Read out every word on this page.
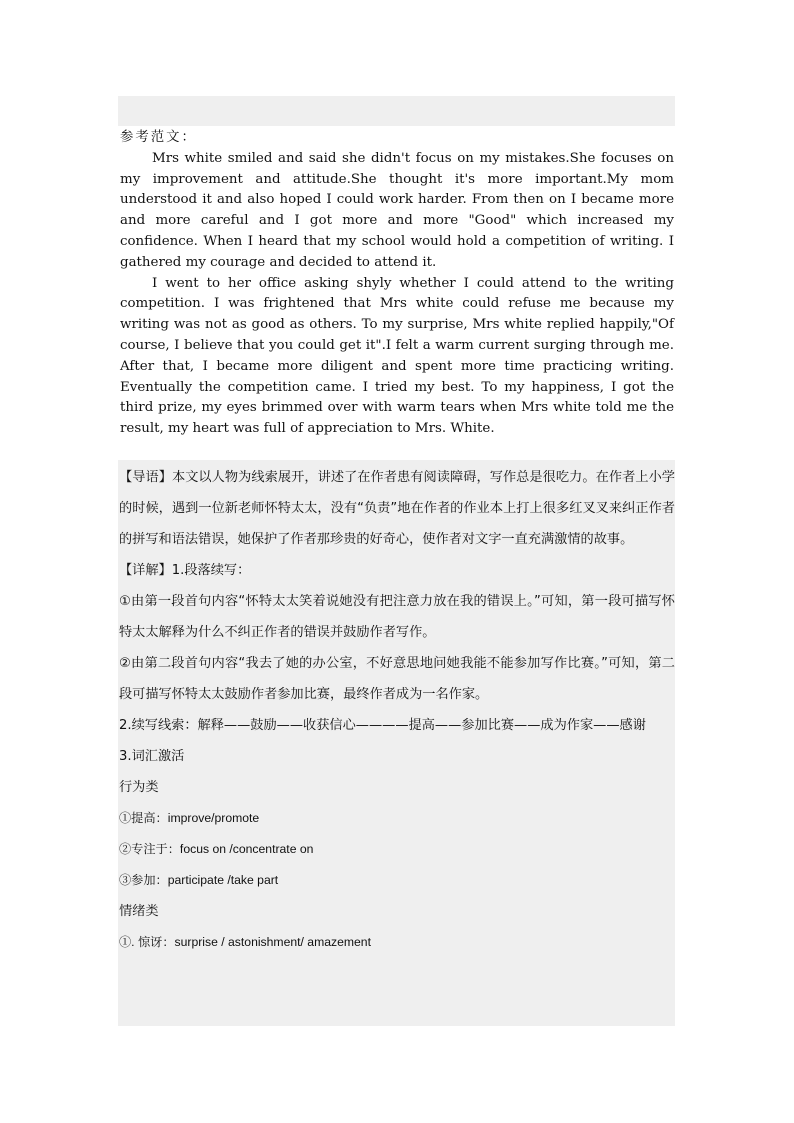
参考范文：

Mrs white smiled and said she didn't focus on my mistakes.She focuses on my improvement and attitude.She thought it's more important.My mom understood it and also hoped I could work harder. From then on I became more and more careful and I got more and more "Good" which increased my confidence. When I heard that my school would hold a competition of writing. I gathered my courage and decided to attend it.

I went to her office asking shyly whether I could attend to the writing competition. I was frightened that Mrs white could refuse me because my writing was not as good as others. To my surprise, Mrs white replied happily,"Of course, I believe that you could get it".I felt a warm current surging through me. After that, I became more diligent and spent more time practicing writing. Eventually the competition came. I tried my best. To my happiness, I got the third prize, my eyes brimmed over with warm tears when Mrs white told me the result, my heart was full of appreciation to Mrs. White.

【导语】本文以人物为线索展开，讲述了在作者患有阅读障碍，写作总是很吃力。在作者上小学的时候，遇到一位新老师怀特太太，没有“负责”地在作者的作业本上打上很多红叉叉来纠正作者的拼写和语法错误，她保护了作者那珍贵的好奇心，使作者对文字一直充满激情的故事。

【详解】1.段落续写：

①由第一段首句内容“怀特太太笑着说她没有把注意力放在我的错误上。”可知，第一段可描写怀特太太解释为什么不纠正作者的错误并鼓励作者写作。

②由第二段首句内容“我去了她的办公室，不好意思地问她我能不能参加写作比赛。”可知，第二段可描写怀特太太鼓励作者参加比赛，最终作者成为一名作家。

2.续写线索：解释——鼓励——收获信心————提高——参加比赛——成为作家——感谢

3.词汇激活

行为类

①提高：improve/promote

②专注于：focus on /concentrate on

③参加：participate /take part

情绪类

①. 惊讶：surprise / astonishment/ amazement
